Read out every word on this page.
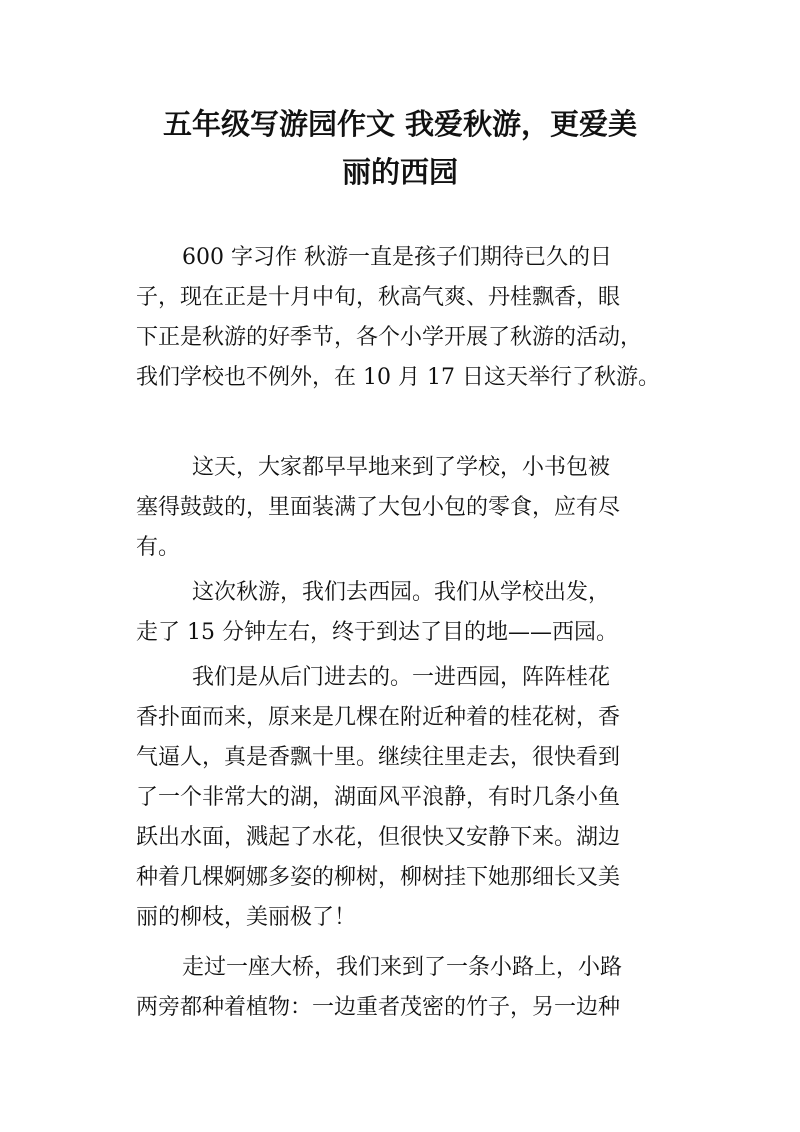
五年级写游园作文 我爱秋游，更爱美
丽的西园

600 字习作 秋游一直是孩子们期待已久的日

子，现在正是十月中旬，秋高气爽、丹桂飘香，眼

下正是秋游的好季节，各个小学开展了秋游的活动，

我们学校也不例外，在 10 月 17 日这天举行了秋游。

这天，大家都早早地来到了学校，小书包被

塞得鼓鼓的，里面装满了大包小包的零食，应有尽

有。

这次秋游，我们去西园。我们从学校出发，

走了 15 分钟左右，终于到达了目的地——西园。

我们是从后门进去的。一进西园，阵阵桂花

香扑面而来，原来是几棵在附近种着的桂花树，香

气逼人，真是香飘十里。继续往里走去，很快看到

了一个非常大的湖，湖面风平浪静，有时几条小鱼

跃出水面，溅起了水花，但很快又安静下来。湖边

种着几棵婀娜多姿的柳树，柳树挂下她那细长又美

丽的柳枝，美丽极了！

走过一座大桥，我们来到了一条小路上，小路

两旁都种着植物：一边重者茂密的竹子，另一边种
